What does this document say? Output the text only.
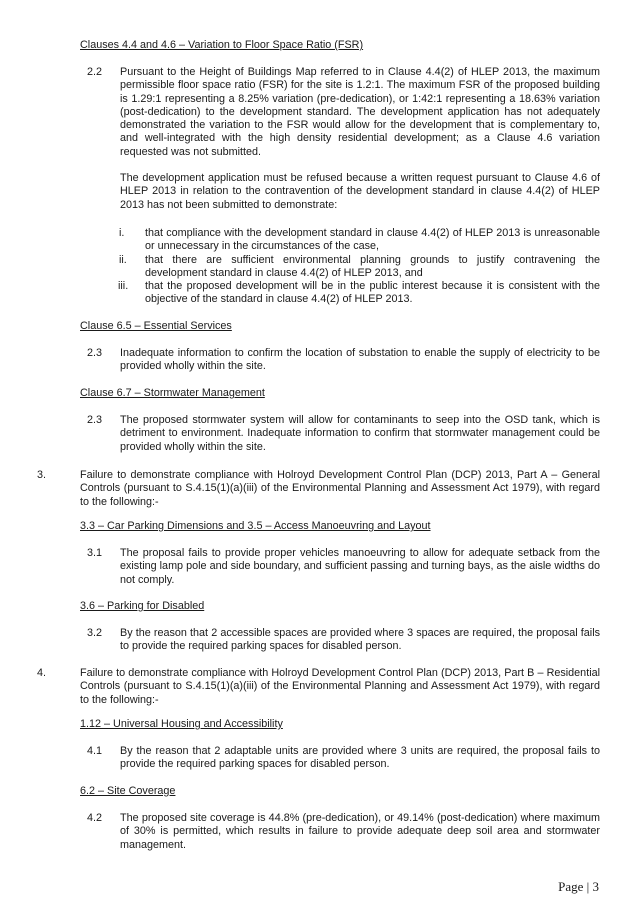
Clauses 4.4 and 4.6 – Variation to Floor Space Ratio (FSR)
2.2 Pursuant to the Height of Buildings Map referred to in Clause 4.4(2) of HLEP 2013, the maximum permissible floor space ratio (FSR) for the site is 1.2:1. The maximum FSR of the proposed building is 1.29:1 representing a 8.25% variation (pre-dedication), or 1:42:1 representing a 18.63% variation (post-dedication) to the development standard. The development application has not adequately demonstrated the variation to the FSR would allow for the development that is complementary to, and well-integrated with the high density residential development; as a Clause 4.6 variation requested was not submitted.
The development application must be refused because a written request pursuant to Clause 4.6 of HLEP 2013 in relation to the contravention of the development standard in clause 4.4(2) of HLEP 2013 has not been submitted to demonstrate:
i. that compliance with the development standard in clause 4.4(2) of HLEP 2013 is unreasonable or unnecessary in the circumstances of the case,
ii. that there are sufficient environmental planning grounds to justify contravening the development standard in clause 4.4(2) of HLEP 2013, and
iii. that the proposed development will be in the public interest because it is consistent with the objective of the standard in clause 4.4(2) of HLEP 2013.
Clause 6.5 – Essential Services
2.3 Inadequate information to confirm the location of substation to enable the supply of electricity to be provided wholly within the site.
Clause 6.7 – Stormwater Management
2.3 The proposed stormwater system will allow for contaminants to seep into the OSD tank, which is detriment to environment. Inadequate information to confirm that stormwater management could be provided wholly within the site.
3.	Failure to demonstrate compliance with Holroyd Development Control Plan (DCP) 2013, Part A – General Controls (pursuant to S.4.15(1)(a)(iii) of the Environmental Planning and Assessment Act 1979), with regard to the following:-
3.3 – Car Parking Dimensions and 3.5 – Access Manoeuvring and Layout
3.1 The proposal fails to provide proper vehicles manoeuvring to allow for adequate setback from the existing lamp pole and side boundary, and sufficient passing and turning bays, as the aisle widths do not comply.
3.6 – Parking for Disabled
3.2 By the reason that 2 accessible spaces are provided where 3 spaces are required, the proposal fails to provide the required parking spaces for disabled person.
4.	Failure to demonstrate compliance with Holroyd Development Control Plan (DCP) 2013, Part B – Residential Controls (pursuant to S.4.15(1)(a)(iii) of the Environmental Planning and Assessment Act 1979), with regard to the following:-
1.12 – Universal Housing and Accessibility
4.1 By the reason that 2 adaptable units are provided where 3 units are required, the proposal fails to provide the required parking spaces for disabled person.
6.2 – Site Coverage
4.2 The proposed site coverage is 44.8% (pre-dedication), or 49.14% (post-dedication) where maximum of 30% is permitted, which results in failure to provide adequate deep soil area and stormwater management.
Page | 3
